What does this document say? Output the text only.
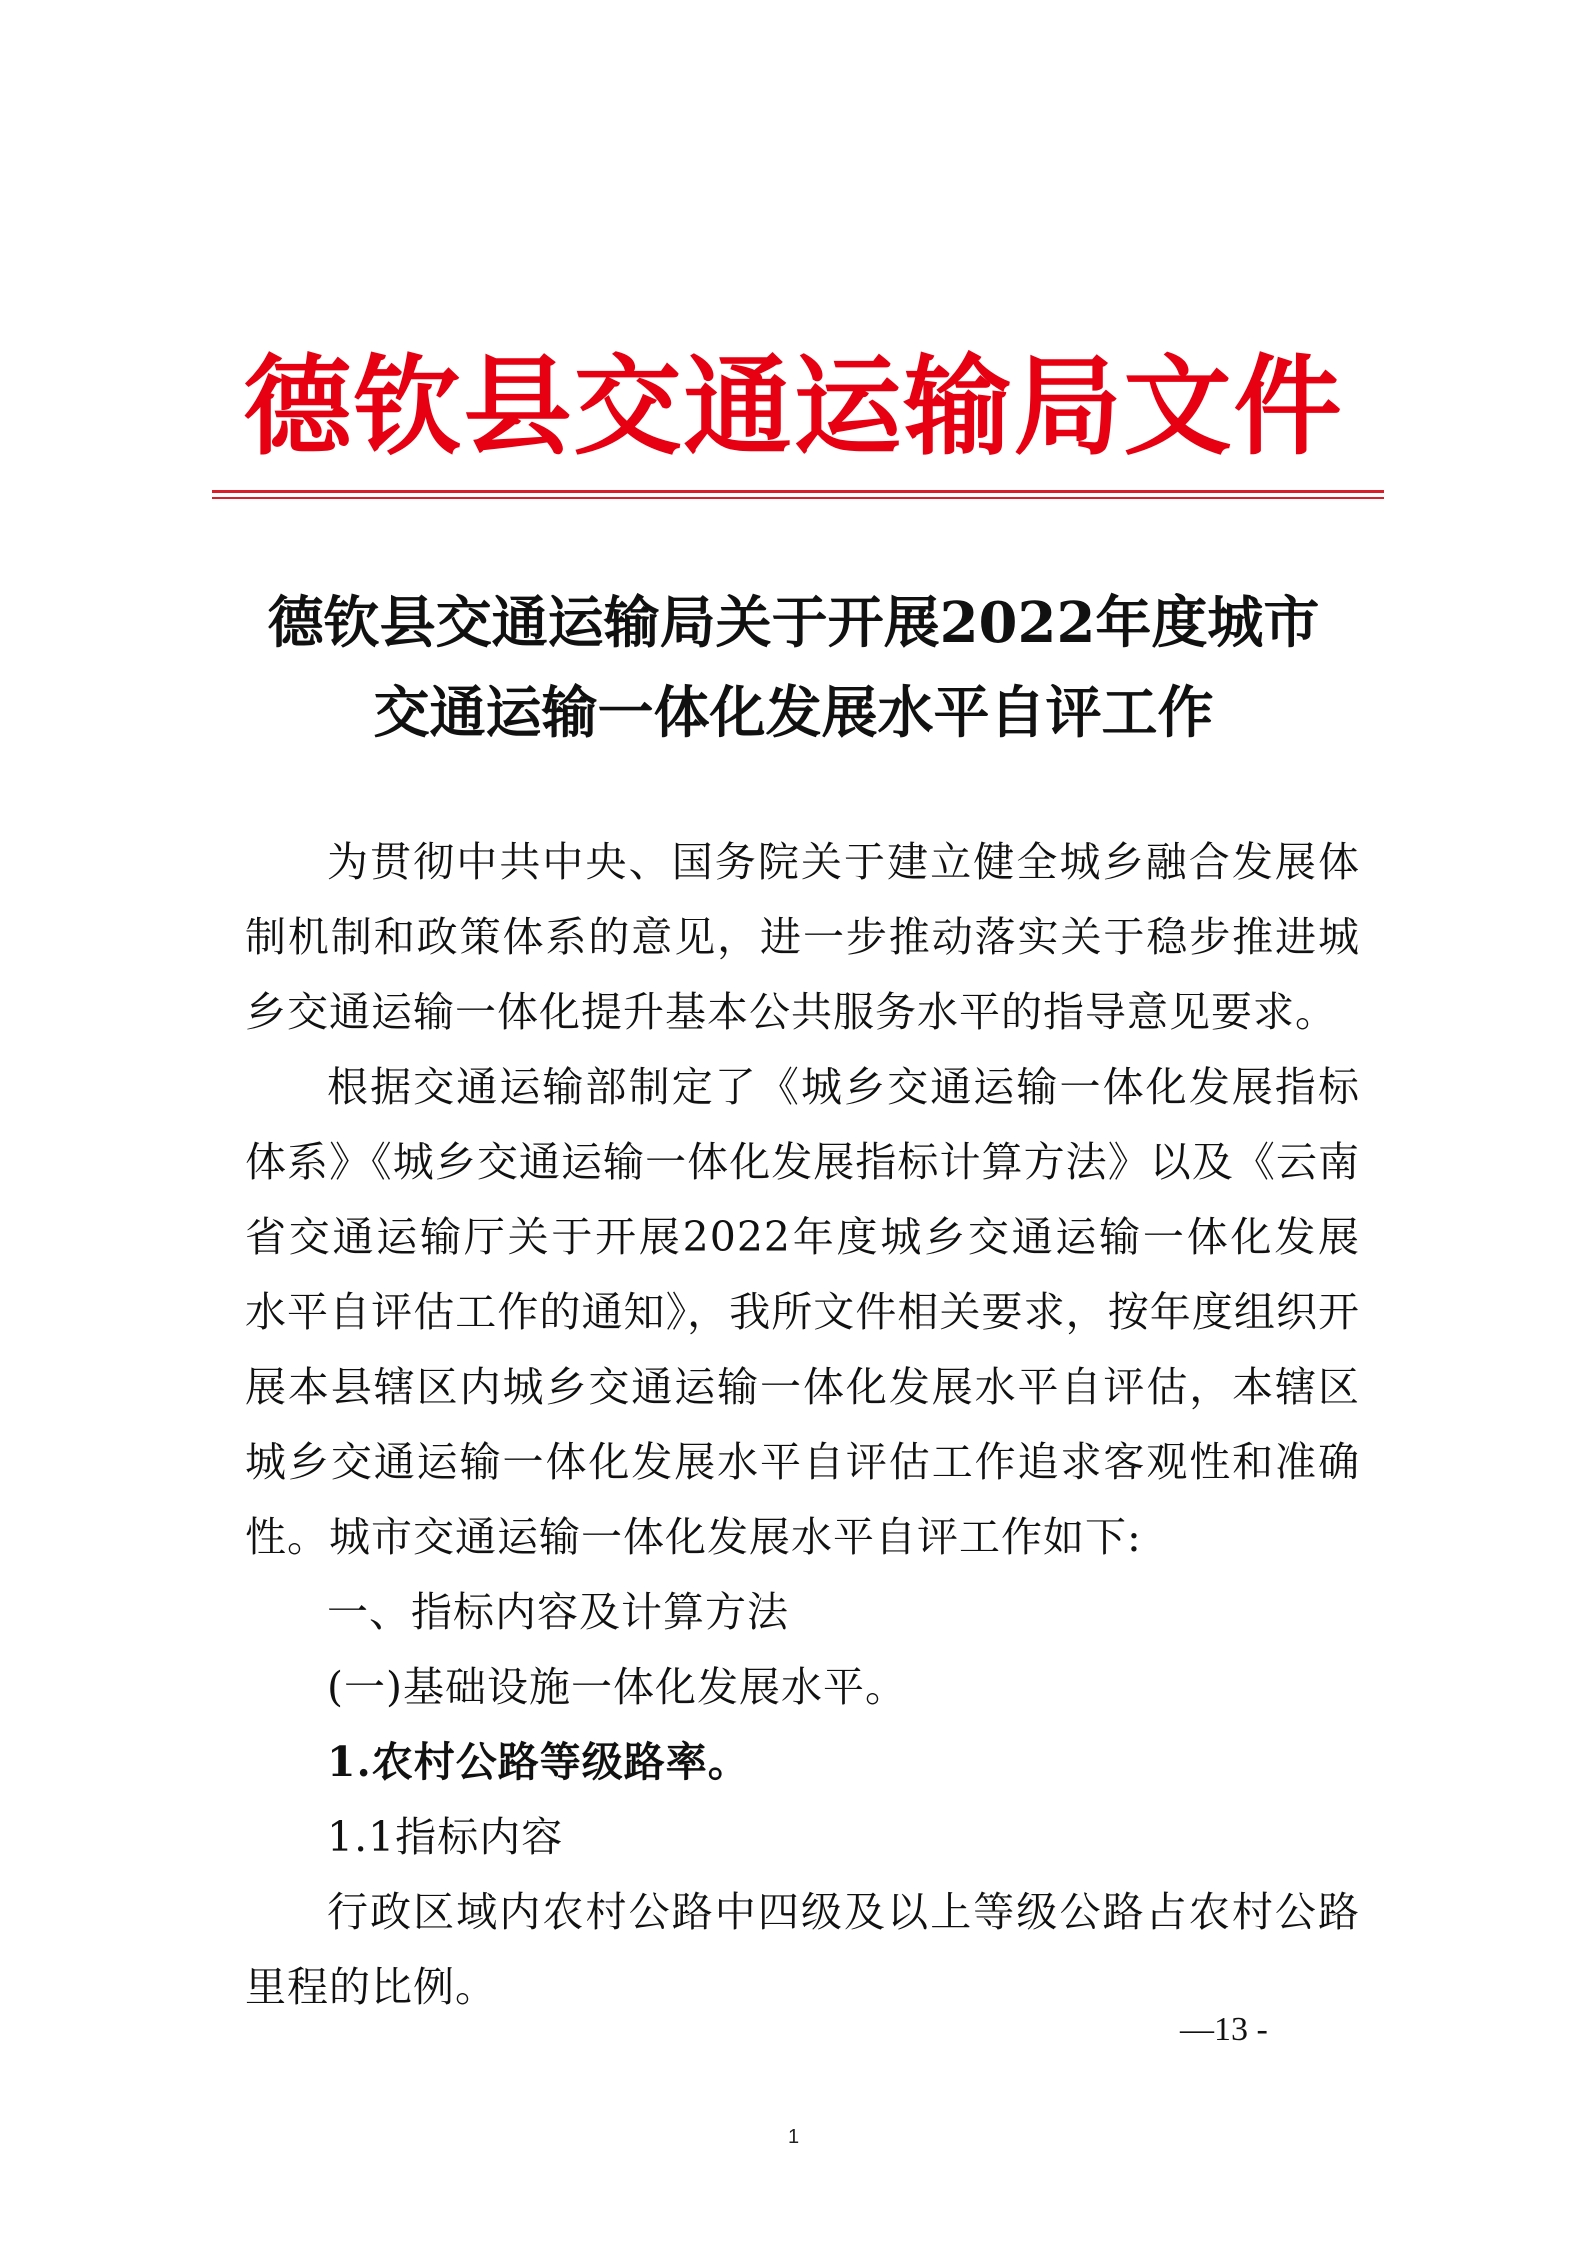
德钦县交通运输局文件
德钦县交通运输局关于开展2022年度城市
交通运输一体化发展水平自评工作

为贯彻中共中央、国务院关于建立健全城乡融合发展体制机制和政策体系的意见，进一步推动落实关于稳步推进城乡交通运输一体化提升基本公共服务水平的指导意见要求。

根据交通运输部制定了《城乡交通运输一体化发展指标体系》《城乡交通运输一体化发展指标计算方法》以及《云南省交通运输厅关于开展2022年度城乡交通运输一体化发展水平自评估工作的通知》，我所文件相关要求，按年度组织开展本县辖区内城乡交通运输一体化发展水平自评估，本辖区城乡交通运输一体化发展水平自评估工作追求客观性和准确性。城市交通运输一体化发展水平自评工作如下:

一、指标内容及计算方法

(一)基础设施一体化发展水平。

1.农村公路等级路率。

1.1指标内容

行政区域内农村公路中四级及以上等级公路占农村公路里程的比例。

—13 -
1
